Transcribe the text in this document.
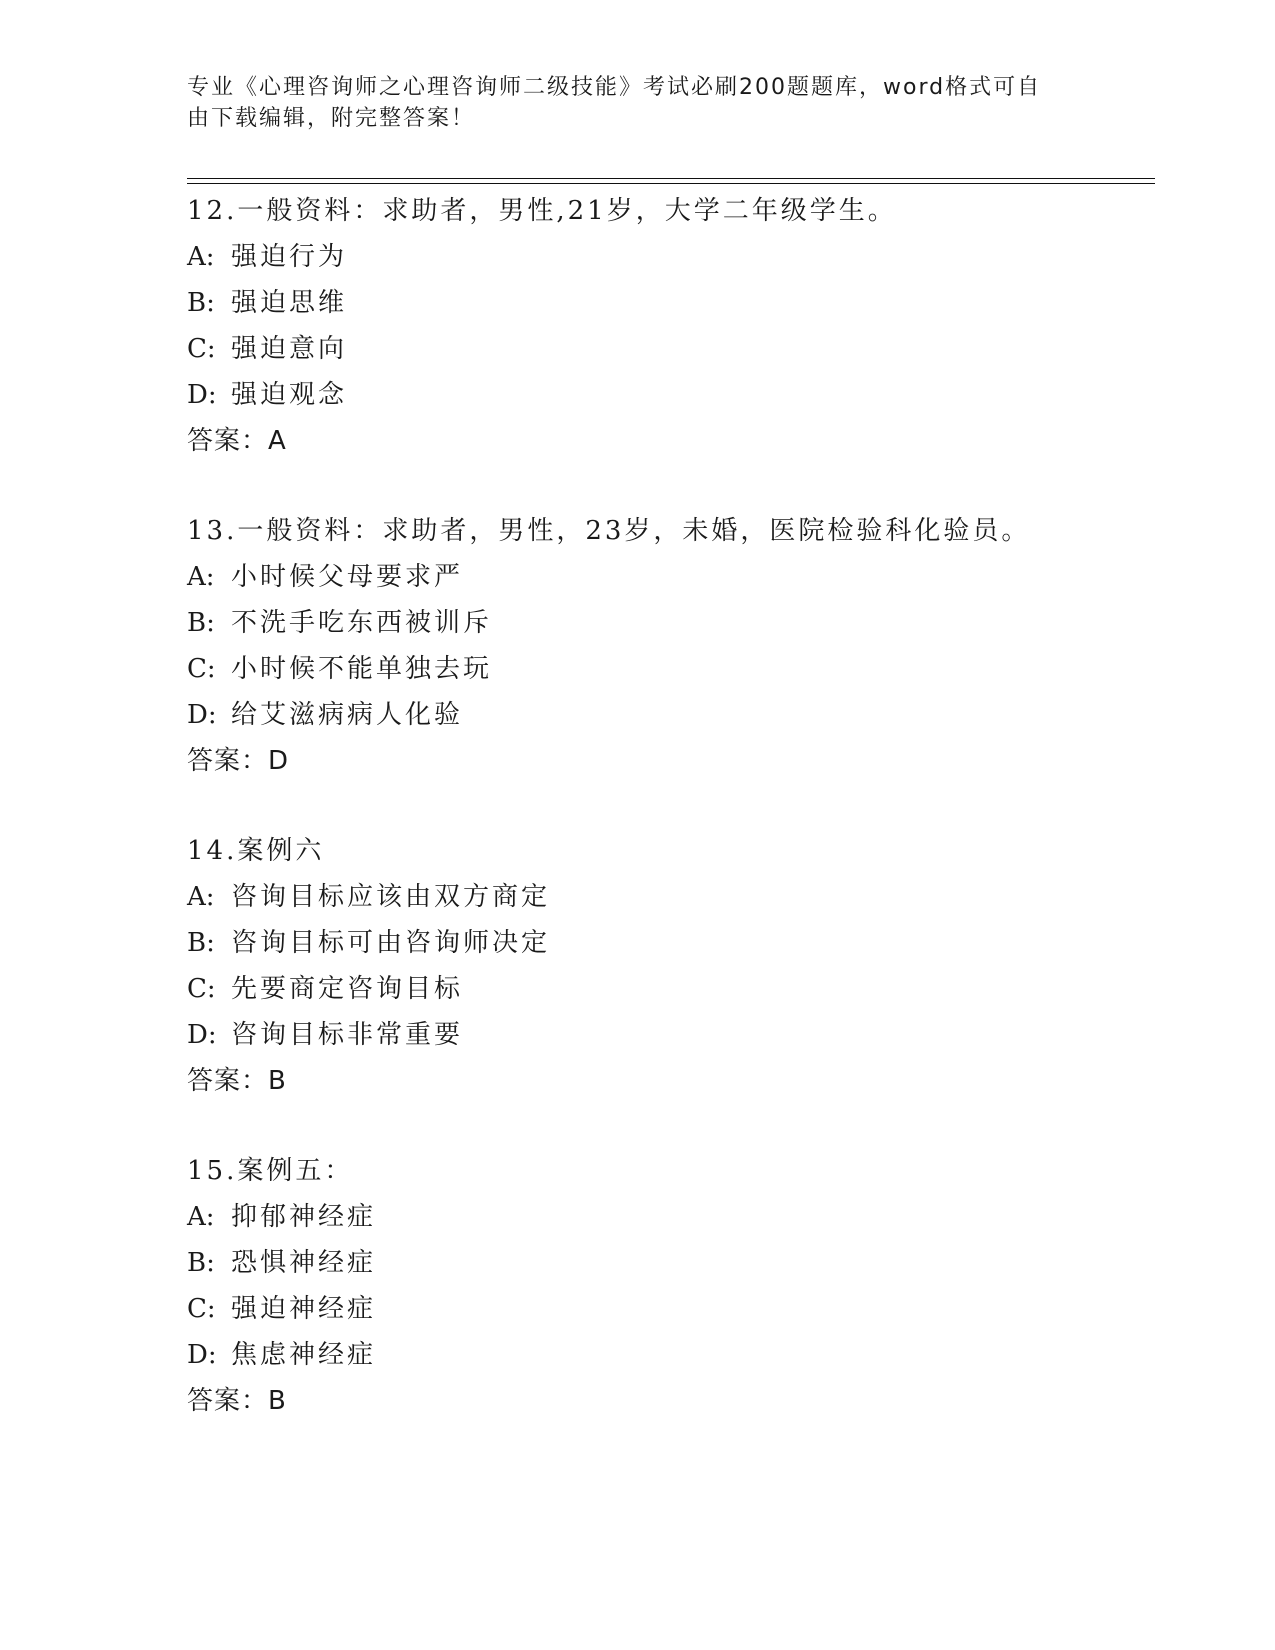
专业《心理咨询师之心理咨询师二级技能》考试必刷200题题库，word格式可自
由下载编辑，附完整答案！
12.一般资料：求助者，男性,21岁，大学二年级学生。
A: 强迫行为
B: 强迫思维
C: 强迫意向
D: 强迫观念
答案：A
13.一般资料：求助者，男性，23岁，未婚，医院检验科化验员。
A: 小时候父母要求严
B: 不洗手吃东西被训斥
C: 小时候不能单独去玩
D: 给艾滋病病人化验
答案：D
14.案例六
A: 咨询目标应该由双方商定
B: 咨询目标可由咨询师决定
C: 先要商定咨询目标
D: 咨询目标非常重要
答案：B
15.案例五：
A: 抑郁神经症
B: 恐惧神经症
C: 强迫神经症
D: 焦虑神经症
答案：B
